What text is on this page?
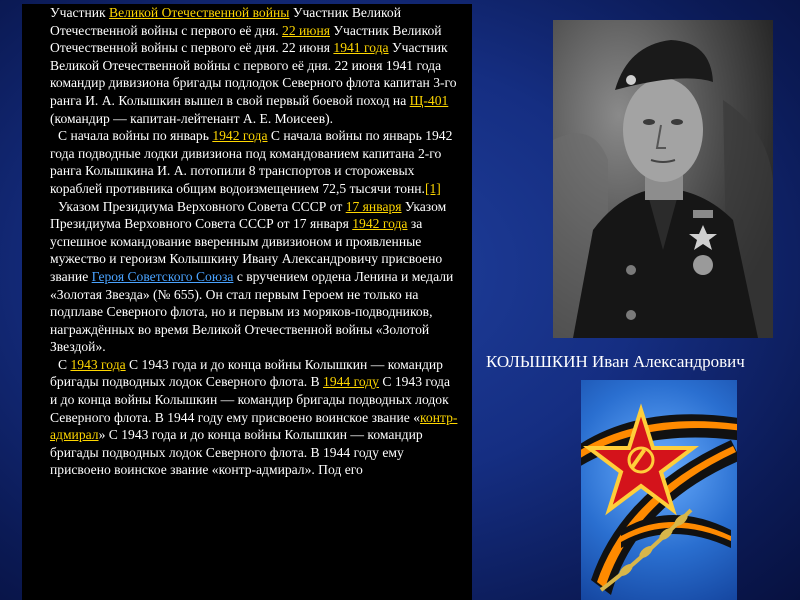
Участник Великой Отечественной войны Участник Великой Отечественной войны с первого её дня. 22 июня Участник Великой Отечественной войны с первого её дня. 22 июня 1941 года Участник Великой Отечественной войны с первого её дня. 22 июня 1941 года командир дивизиона бригады подлодок Северного флота капитан 3-го ранга И. А. Колышкин вышел в свой первый боевой поход на Щ-401 (командир — капитан-лейтенант А. Е. Моисеев).

С начала войны по январь 1942 года С начала войны по январь 1942 года подводные лодки дивизиона под командованием капитана 2-го ранга Колышкина И. А. потопили 8 транспортов и сторожевых кораблей противника общим водоизмещением 72,5 тысячи тонн.[1]

Указом Президиума Верховного Совета СССР от 17 января Указом Президиума Верховного Совета СССР от 17 января 1942 года за успешное командование вверенным дивизионом и проявленные мужество и героизм Колышкину Ивану Александровичу присвоено звание Героя Советского Союза с вручением ордена Ленина и медали «Золотая Звезда» (№ 655). Он стал первым Героем не только на подплаве Северного флота, но и первым из моряков-подводников, награждённых во время Великой Отечественной войны «Золотой Звездой».

С 1943 года С 1943 года и до конца войны Колышкин — командир бригады подводных лодок Северного флота. В 1944 году С 1943 года и до конца войны Колышкин — командир бригады подводных лодок Северного флота. В 1944 году ему присвоено воинское звание «контр-адмирал» С 1943 года и до конца войны Колышкин — командир бригады подводных лодок Северного флота. В 1944 году ему присвоено воинское звание «контр-адмирал». Под его

КОЛЫШКИН Иван Александрович
